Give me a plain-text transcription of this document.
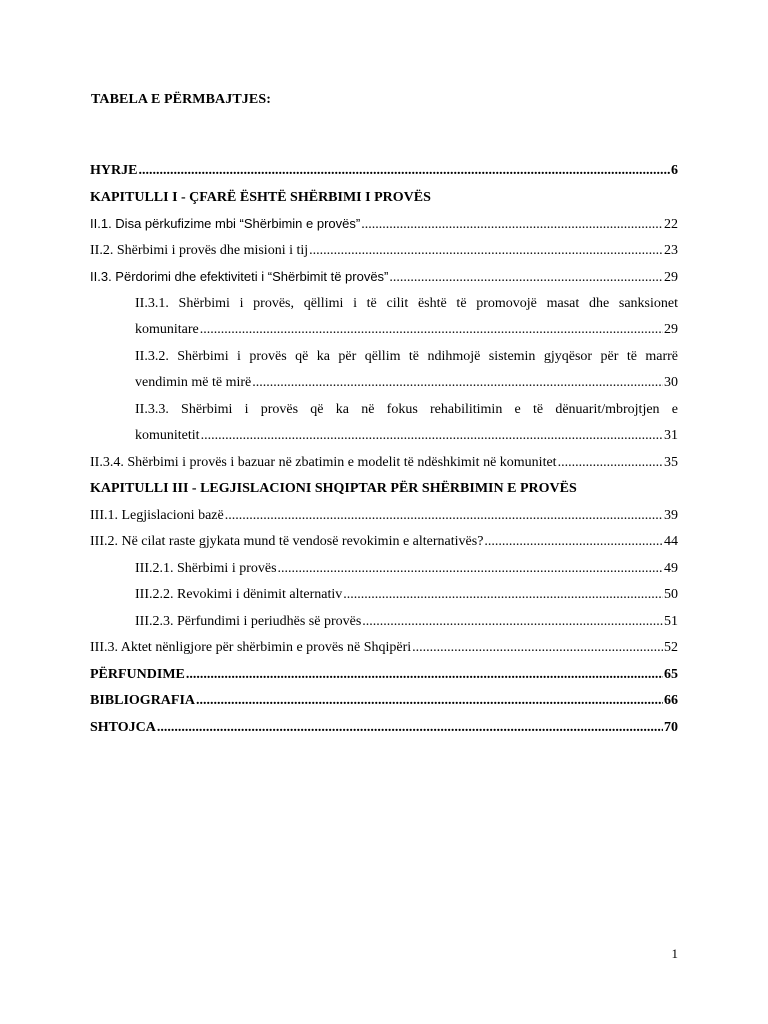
TABELA E PËRMBAJTJES:
HYRJE .....	6
KAPITULLI I - ÇFARË ËSHTË SHËRBIMI I PROVËS
II.1. Disa përkufizime mbi “Shërbimin e provës” .....	22
II.2. Shërbimi i provës dhe misioni i tij .....	23
II.3. Përdorimi dhe efektiviteti i “Shërbimit të provës” .....	29
II.3.1. Shërbimi i provës, qëllimi i të cilit është të promovojë masat dhe sanksionet
komunitare .....	29
II.3.2. Shërbimi i provës që ka për qëllim të ndihmojë sistemin gjyqësor për të marrë
vendimin më të mirë .....	30
II.3.3. Shërbimi i provës që ka në fokus rehabilitimin e të dënuarit/mbrojtjen e
komunitetit .....	31
II.3.4. Shërbimi i provës i bazuar në zbatimin e modelit të ndëshkimit në komunitet .....	35
KAPITULLI III - LEGJISLACIONI SHQIPTAR PËR SHËRBIMIN E PROVËS
III.1. Legjislacioni bazë .....	39
III.2. Në cilat raste gjykata mund të vendosë revokimin e alternativës? .....	44
III.2.1. Shërbimi i provës .....	49
III.2.2. Revokimi i dënimit alternativ .....	50
III.2.3. Përfundimi i periudhës së provës .....	51
III.3. Aktet nënligjore për shërbimin e provës në Shqipëri .....	52
PËRFUNDIME .....	65
BIBLIOGRAFIA .....	66
SHTOJCA .....	70
1
